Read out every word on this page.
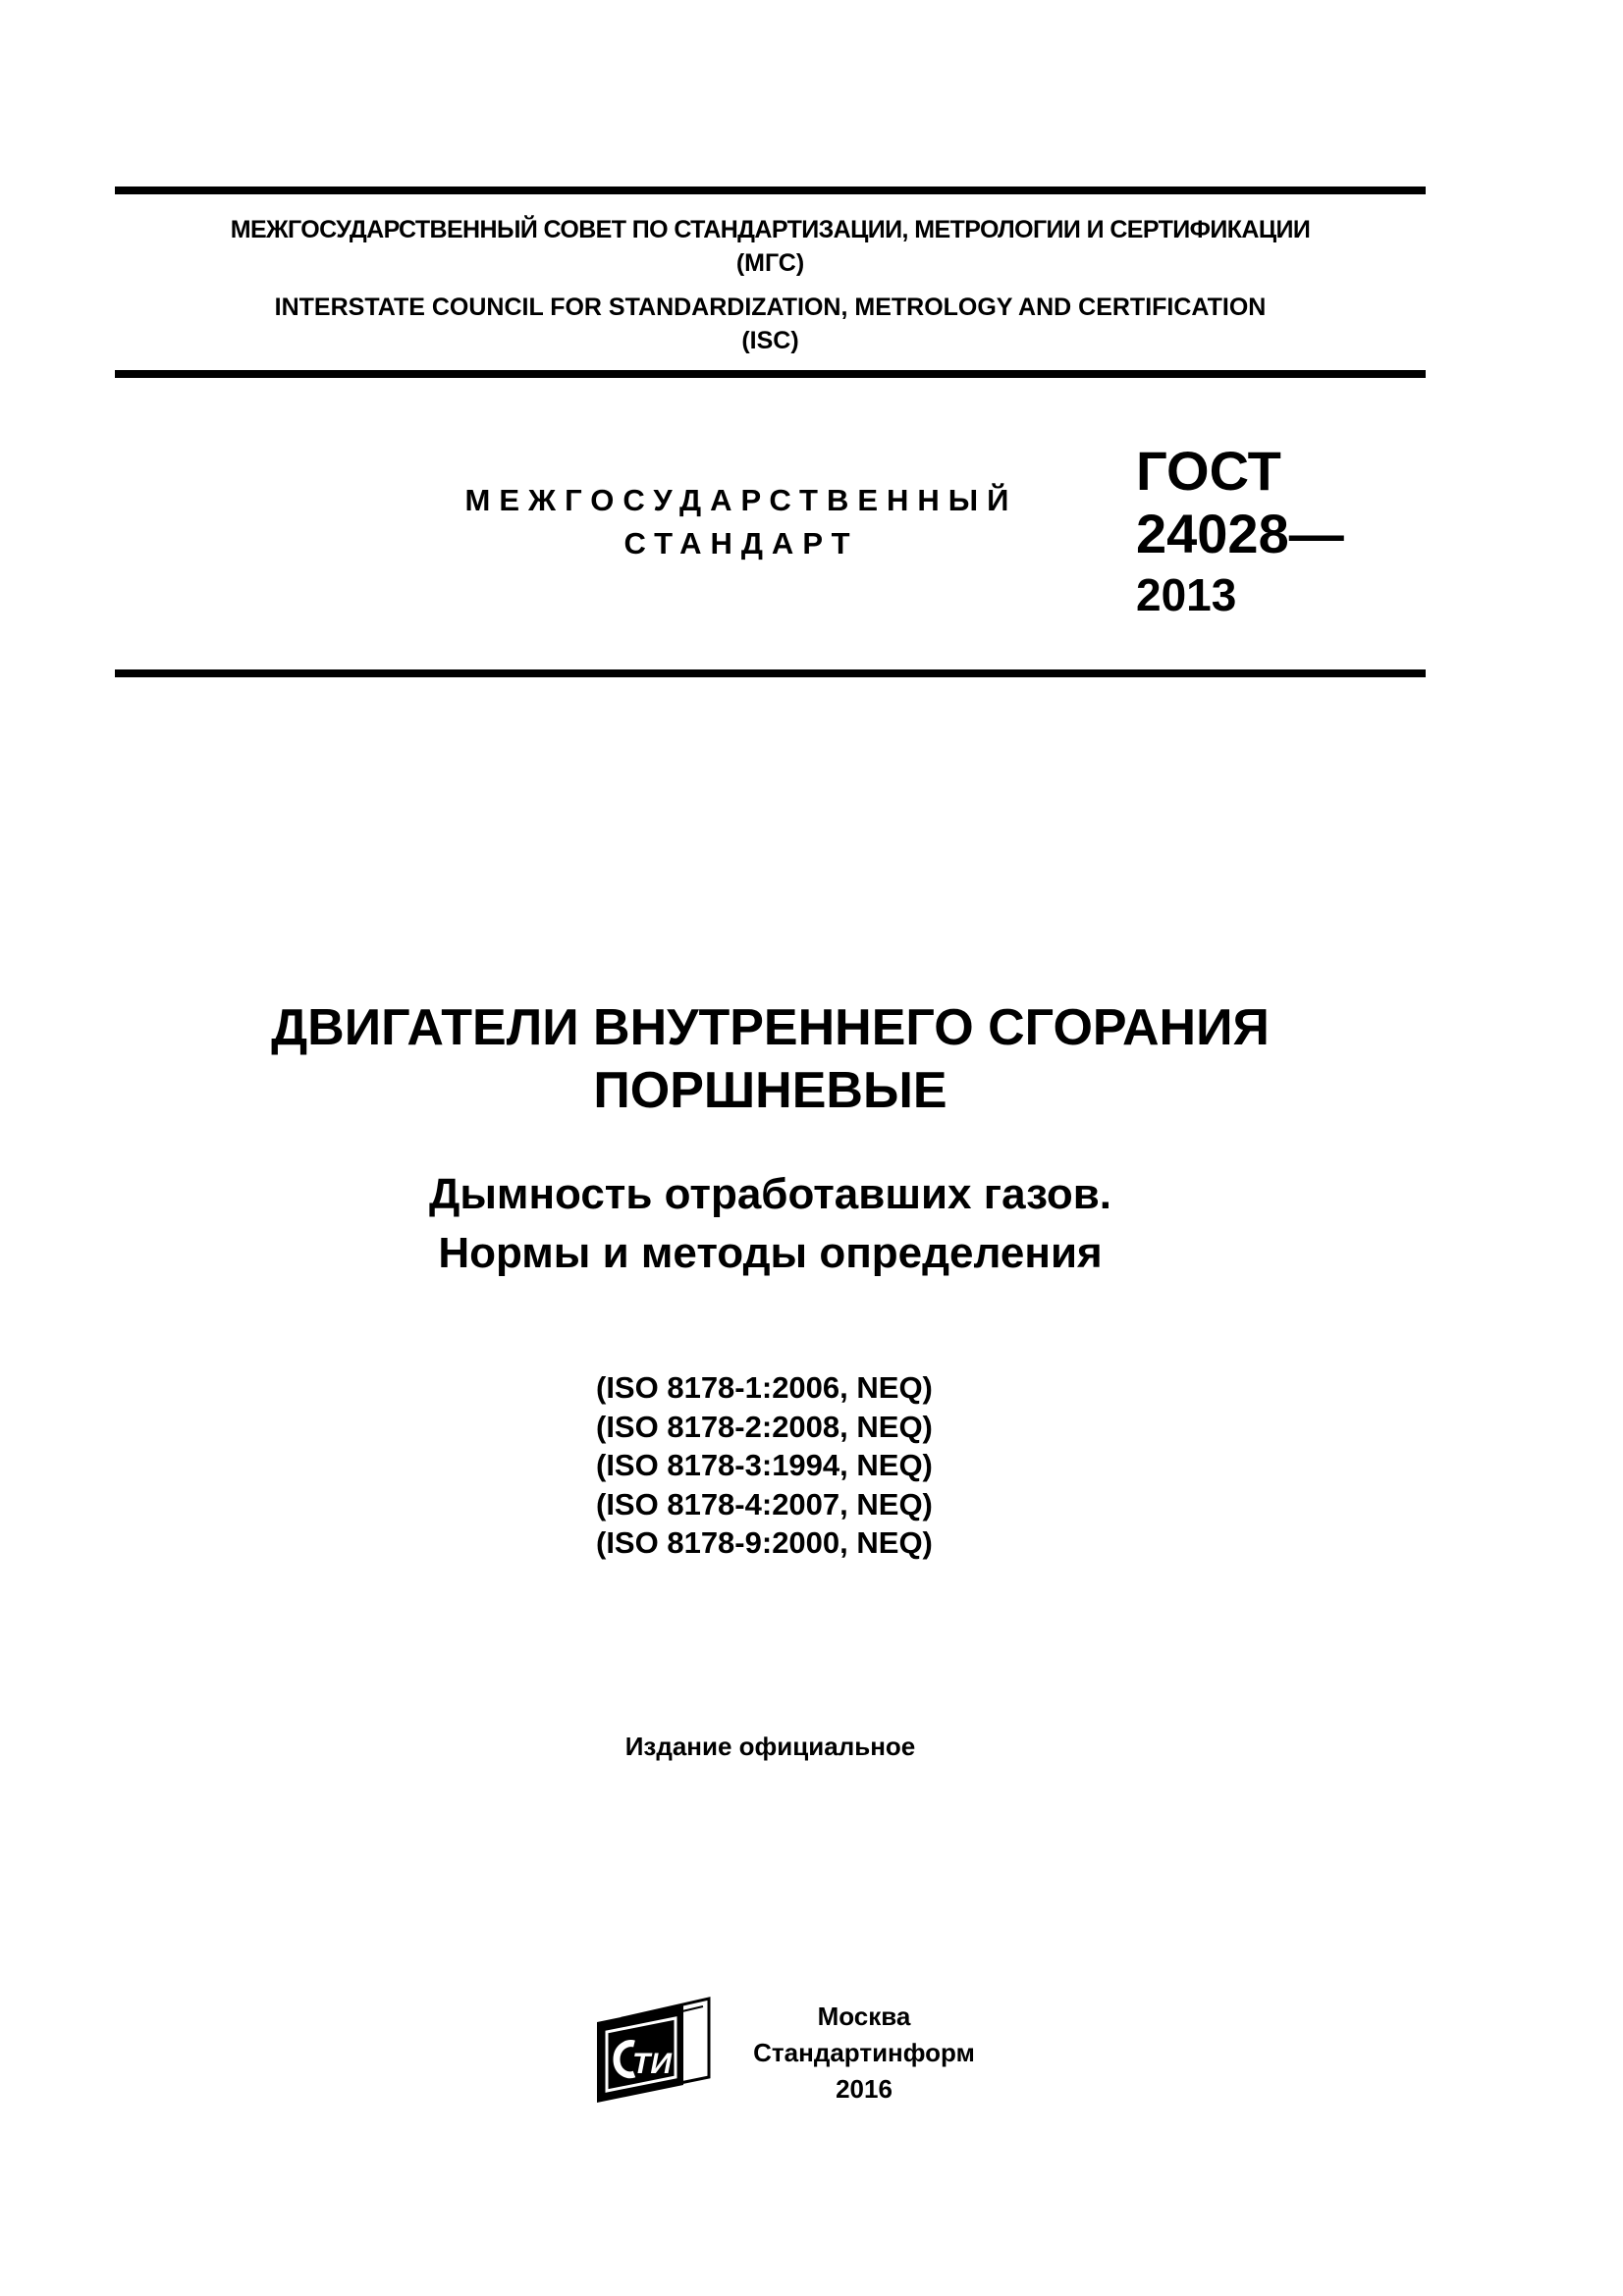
МЕЖГОСУДАРСТВЕННЫЙ СОВЕТ ПО СТАНДАРТИЗАЦИИ, МЕТРОЛОГИИ И СЕРТИФИКАЦИИ
(МГС)
INTERSTATE COUNCIL FOR STANDARDIZATION, METROLOGY AND CERTIFICATION
(ISC)
МЕЖГОСУДАРСТВЕННЫЙ
СТАНДАРТ
ГОСТ
24028—
2013
ДВИГАТЕЛИ ВНУТРЕННЕГО СГОРАНИЯ
ПОРШНЕВЫЕ
Дымность отработавших газов.
Нормы и методы определения
(ISO 8178-1:2006, NEQ)
(ISO 8178-2:2008, NEQ)
(ISO 8178-3:1994, NEQ)
(ISO 8178-4:2007, NEQ)
(ISO 8178-9:2000, NEQ)
Издание официальное
ТИ
Москва
Стандартинформ
2016
